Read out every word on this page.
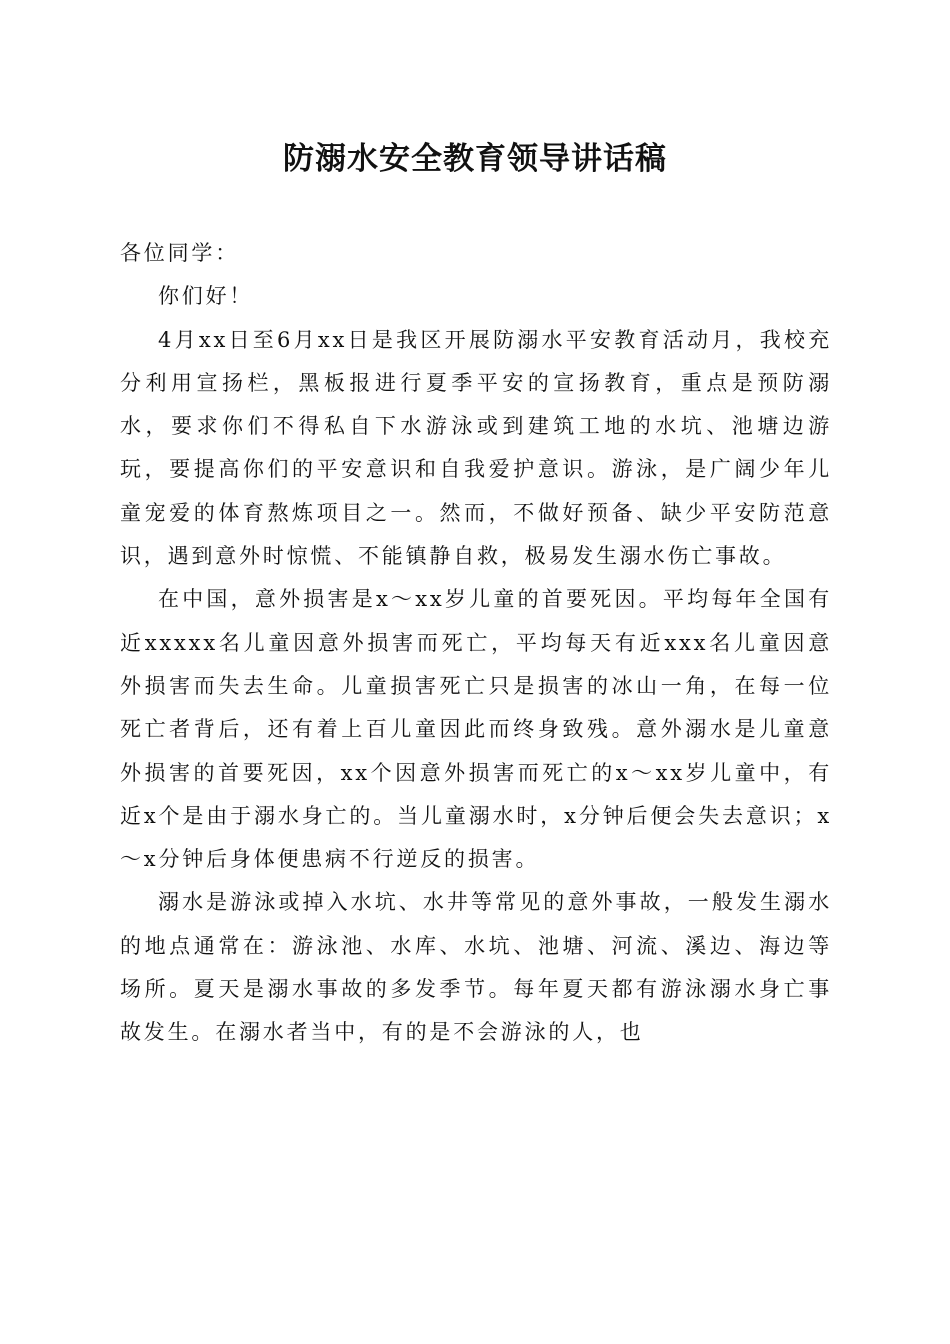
防溺水安全教育领导讲话稿

各位同学：

你们好！

4月xx日至6月xx日是我区开展防溺水平安教育活动月，我校充分利用宣扬栏，黑板报进行夏季平安的宣扬教育，重点是预防溺水，要求你们不得私自下水游泳或到建筑工地的水坑、池塘边游玩，要提高你们的平安意识和自我爱护意识。游泳，是广阔少年儿童宠爱的体育熬炼项目之一。然而，不做好预备、缺少平安防范意识，遇到意外时惊慌、不能镇静自救，极易发生溺水伤亡事故。

在中国，意外损害是x～xx岁儿童的首要死因。平均每年全国有近xxxxx名儿童因意外损害而死亡，平均每天有近xxx名儿童因意外损害而失去生命。儿童损害死亡只是损害的冰山一角，在每一位死亡者背后，还有着上百儿童因此而终身致残。意外溺水是儿童意外损害的首要死因，xx个因意外损害而死亡的x～xx岁儿童中，有近x个是由于溺水身亡的。当儿童溺水时，x分钟后便会失去意识；x～x分钟后身体便患病不行逆反的损害。

溺水是游泳或掉入水坑、水井等常见的意外事故，一般发生溺水的地点通常在：游泳池、水库、水坑、池塘、河流、溪边、海边等场所。夏天是溺水事故的多发季节。每年夏天都有游泳溺水身亡事故发生。在溺水者当中，有的是不会游泳的人，也
